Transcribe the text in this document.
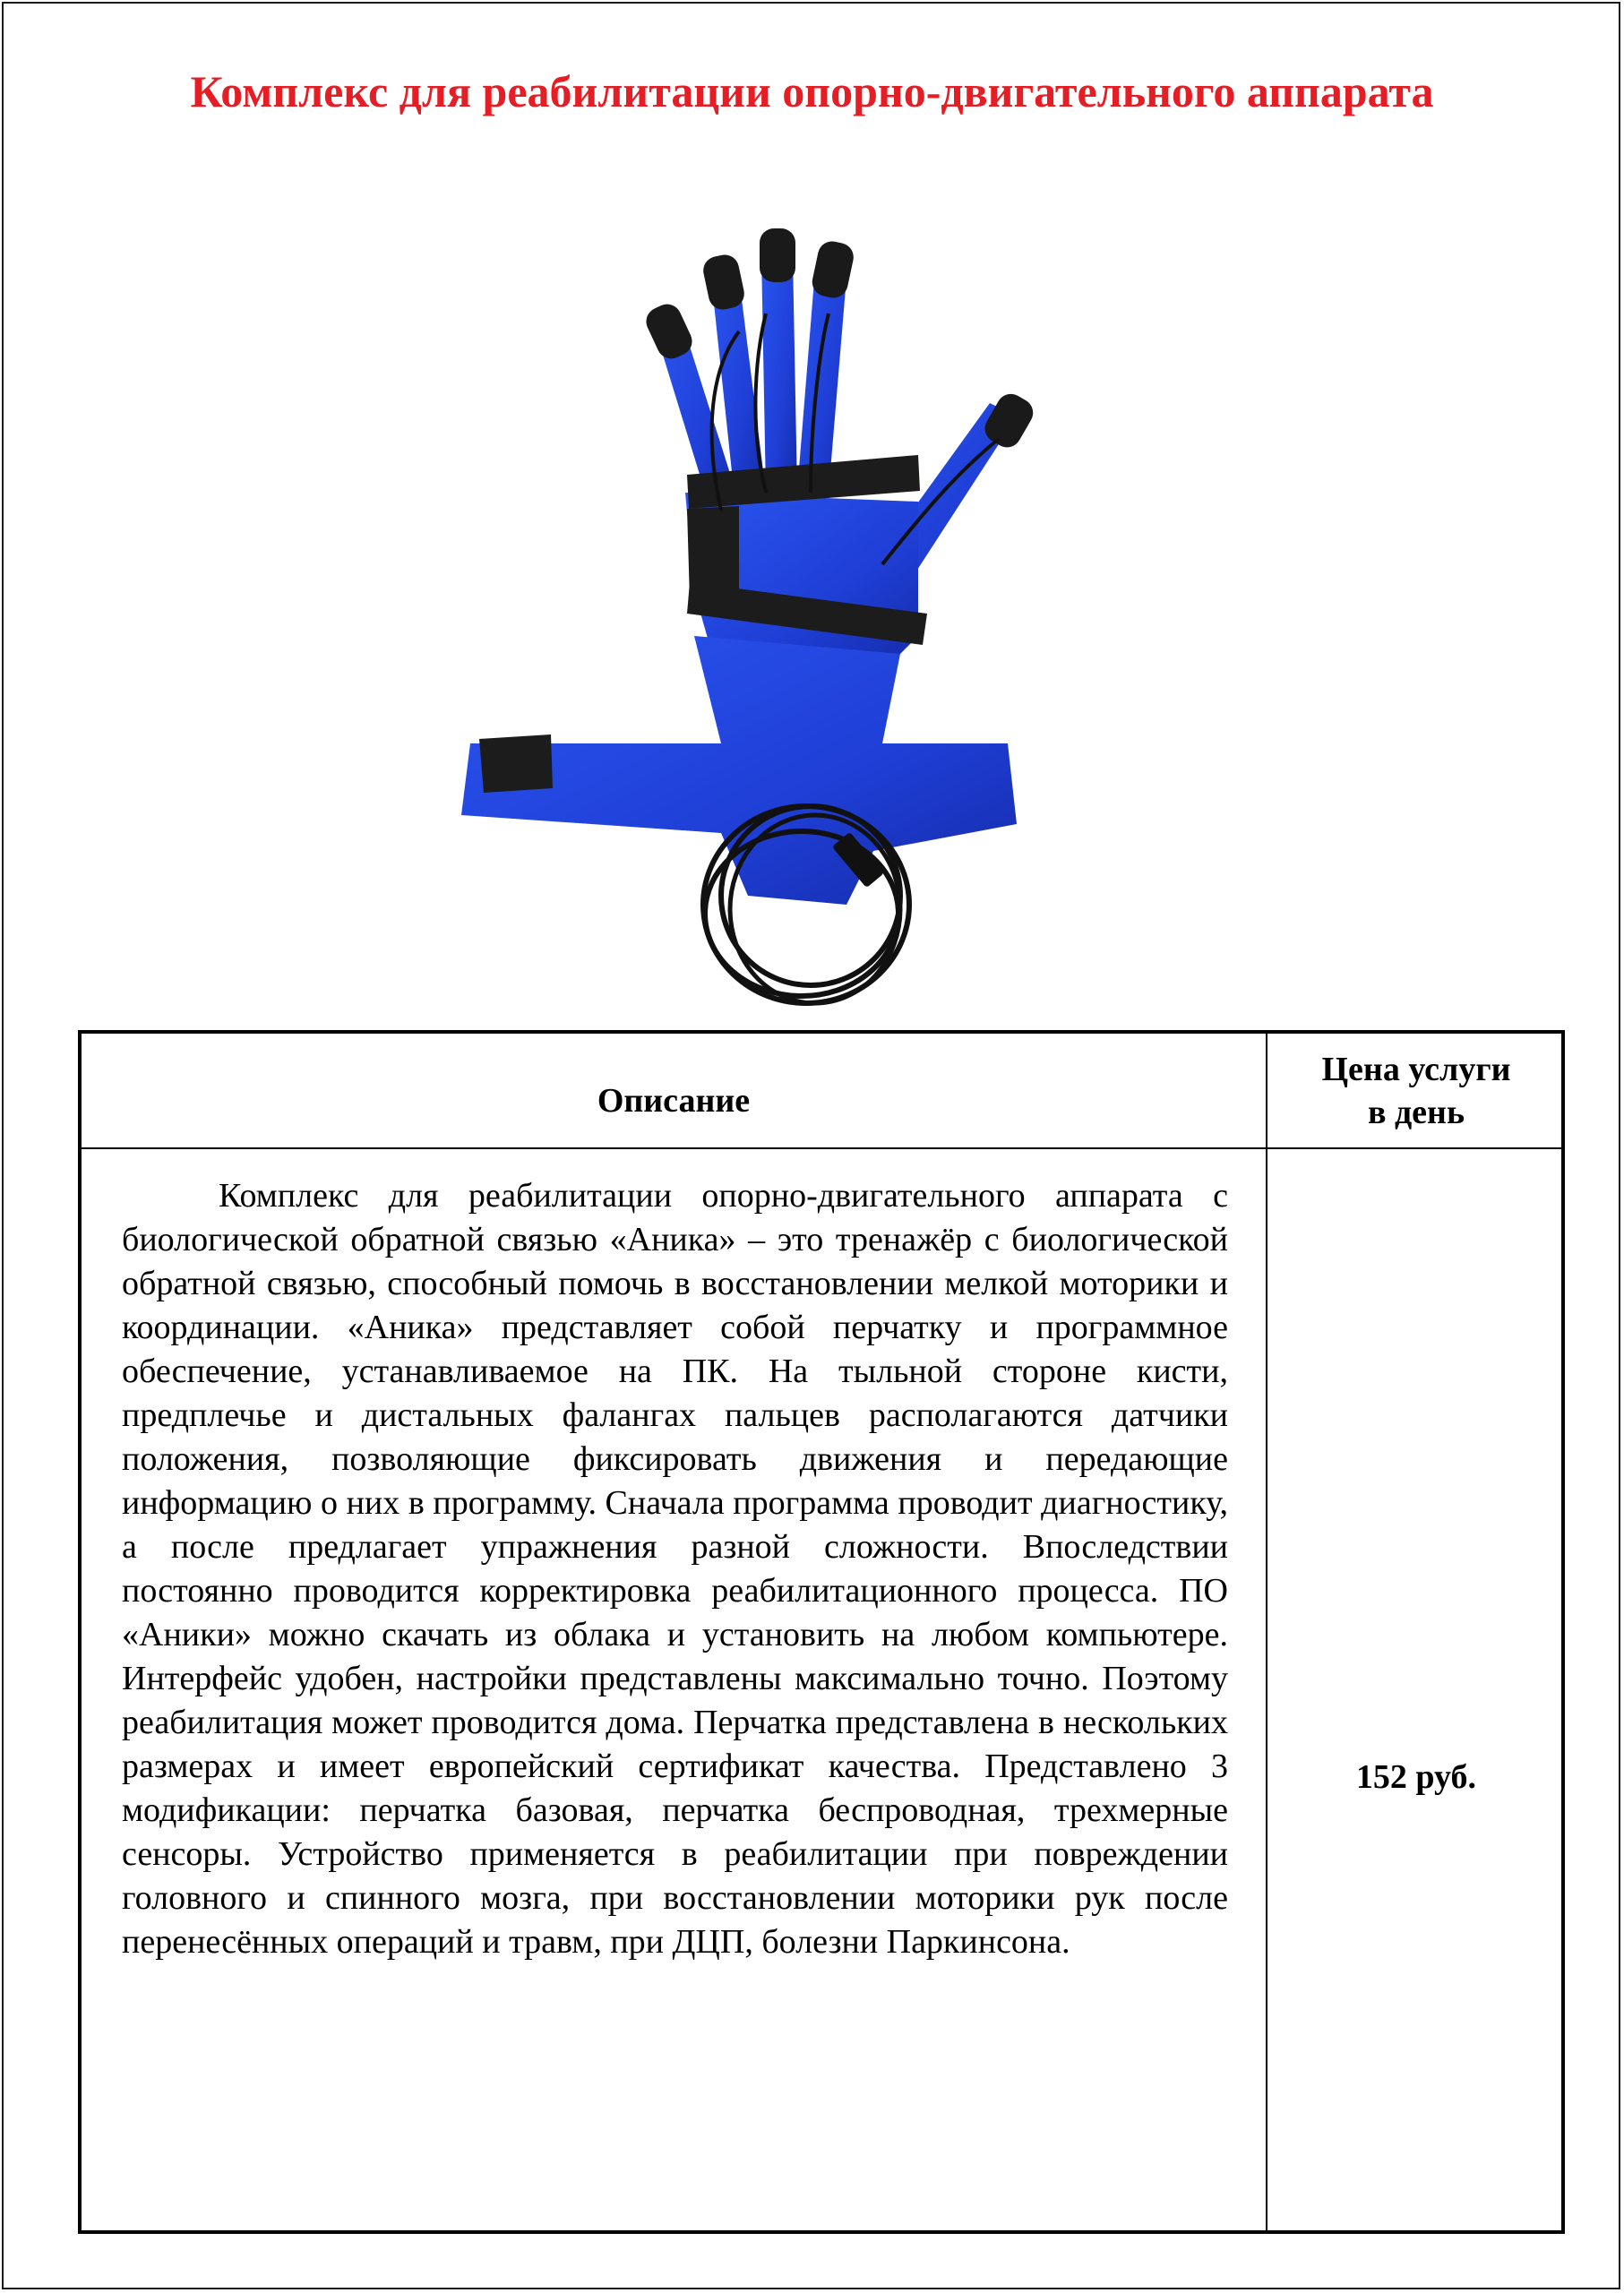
Комплекс для реабилитации опорно-двигательного аппарата
Описание
Цена услуги в день
Комплекс для реабилитации опорно-двигательного аппарата с биологической обратной связью «Аника» – это тренажёр с биологической обратной связью, способный помочь в восстановлении мелкой моторики и координации. «Аника» представляет собой перчатку и программное обеспечение, устанавливаемое на ПК. На тыльной стороне кисти, предплечье и дистальных фалангах пальцев располагаются датчики положения, позволяющие фиксировать движения и передающие информацию о них в программу. Сначала программа проводит диагностику, а после предлагает упражнения разной сложности. Впоследствии постоянно проводится корректировка реабилитационного процесса. ПО «Аники» можно скачать из облака и установить на любом компьютере. Интерфейс удобен, настройки представлены максимально точно. Поэтому реабилитация может проводится дома. Перчатка представлена в нескольких размерах и имеет европейский сертификат качества. Представлено 3 модификации: перчатка базовая, перчатка беспроводная, трехмерные сенсоры. Устройство применяется в реабилитации при повреждении головного и спинного мозга, при восстановлении моторики рук после перенесённых операций и травм, при ДЦП, болезни Паркинсона.
152 руб.
